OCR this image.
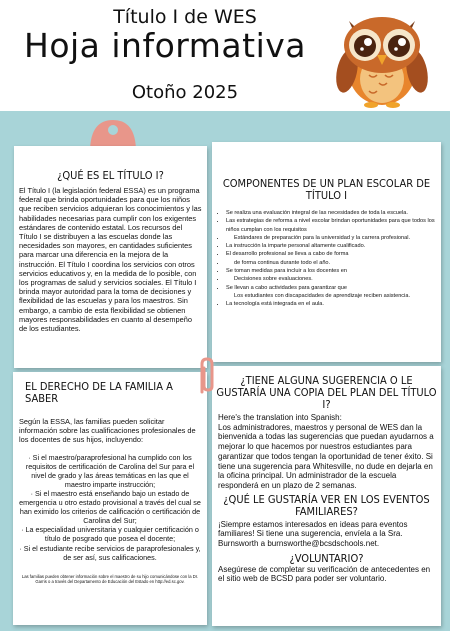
Título I de WES
Hoja informativa
Otoño 2025
¿QUÉ ES EL TÍTULO I?

El Título I (la legislación federal ESSA) es un programa federal que brinda oportunidades para que los niños que reciben servicios adquieran los conocimientos y las habilidades necesarias para cumplir con los exigentes estándares de contenido estatal. Los recursos del Título I se distribuyen a las escuelas donde las necesidades son mayores, en cantidades suficientes para marcar una diferencia en la mejora de la instrucción. El Título I coordina los servicios con otros servicios educativos y, en la medida de lo posible, con los programas de salud y servicios sociales. El Título I brinda mayor autoridad para la toma de decisiones y flexibilidad de las escuelas y para los maestros. Sin embargo, a cambio de esta flexibilidad se obtienen mayores responsabilidades en cuanto al desempeño de los estudiantes.

COMPONENTES DE UN PLAN ESCOLAR DE TÍTULO I
• Se realiza una evaluación integral de las necesidades de toda la escuela.
• Las estrategias de reforma a nivel escolar brindan oportunidades para que todos los niños cumplan con los requisitos
• Estándares de preparación para la universidad y la carrera profesional.
• La instrucción la imparte personal altamente cualificado.
• El desarrollo profesional se lleva a cabo de forma
• de forma continua durante todo el año.
• Se toman medidas para incluir a los docentes en
• Decisiones sobre evaluaciones.
• Se llevan a cabo actividades para garantizar que
Los estudiantes con discapacidades de aprendizaje reciben asistencia.
• La tecnología está integrada en el aula.
EL DERECHO DE LA FAMILIA A SABER

Según la ESSA, las familias pueden solicitar información sobre las cualificaciones profesionales de los docentes de sus hijos, incluyendo:

· Si el maestro/paraprofesional ha cumplido con los requisitos de certificación de Carolina del Sur para el nivel de grado y las áreas temáticas en las que el maestro imparte instrucción;
· Si el maestro está enseñando bajo un estado de emergencia u otro estado provisional a través del cual se han eximido los criterios de calificación o certificación de Carolina del Sur;
· La especialidad universitaria y cualquier certificación o título de posgrado que posea el docente;
· Si el estudiante recibe servicios de paraprofesionales y, de ser así, sus calificaciones.

Las familias pueden obtener información sobre el maestro de su hijo comunicándose con la Dr. Garris o a través del Departamento de Educación del Estado en http://ed.sc.gov.

¿TIENE ALGUNA SUGERENCIA O LE GUSTARÍA UNA COPIA DEL PLAN DEL TÍTULO I?

Here's the translation into Spanish:

Los administradores, maestros y personal de WES dan la bienvenida a todas las sugerencias que puedan ayudarnos a mejorar lo que hacemos por nuestros estudiantes para garantizar que todos tengan la oportunidad de tener éxito. Si tiene una sugerencia para Whitesville, no dude en dejarla en la oficina principal. Un administrador de la escuela responderá en un plazo de 2 semanas.

¿QUÉ LE GUSTARÍA VER EN LOS EVENTOS FAMILIARES?

¡Siempre estamos interesados en ideas para eventos familiares! Si tiene una sugerencia, envíela a la Sra. Burnsworth a burnsworthe@bcsdschools.net.

¿VOLUNTARIO?

Asegúrese de completar su verificación de antecedentes en el sitio web de BCSD para poder ser voluntario.
